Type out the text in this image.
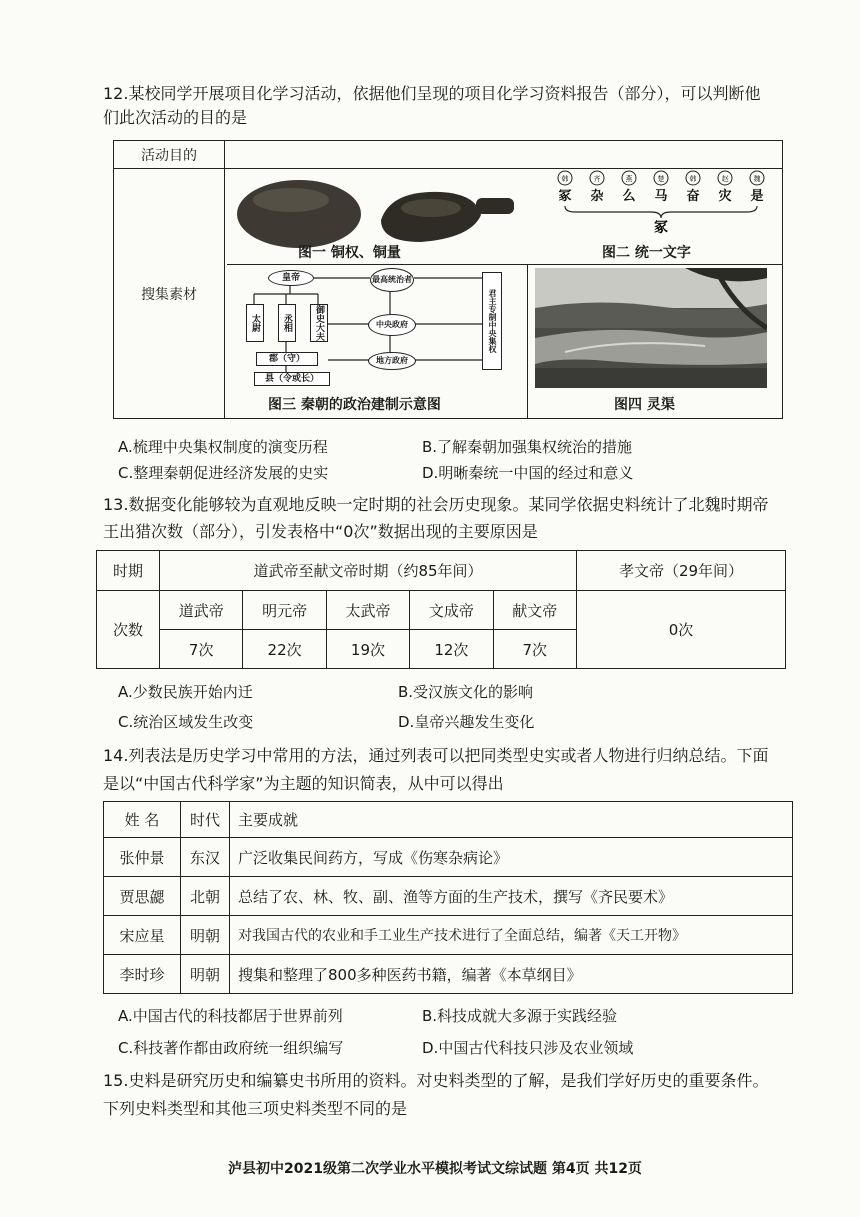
12.某校同学开展项目化学习活动，依据他们呈现的项目化学习资料报告（部分），可以判断他
们此次活动的目的是
活动目的	
搜集素材	
图一 铜权、铜量
韩	齐	燕	楚	韩	赵	魏
冢 杂 么 马 奋 灾 是
冢
图二 统一文字
皇帝
太尉	丞相	御史大夫
郡（守）
县（令或长）
最高统治者
中央政府
地方政府
君主专制中央集权
图三 秦朝的政治建制示意图	图四 灵渠
A.梳理中央集权制度的演变历程	B.了解秦朝加强集权统治的措施
C.整理秦朝促进经济发展的史实	D.明晰秦统一中国的经过和意义
13.数据变化能够较为直观地反映一定时期的社会历史现象。某同学依据史料统计了北魏时期帝
王出猎次数（部分），引发表格中“0次”数据出现的主要原因是
时期	道武帝至献文帝时期（约85年间）					孝文帝（29年间）
次数	道武帝	明元帝	太武帝	文成帝	献文帝	0次
	7次	22次	19次	12次	7次	
A.少数民族开始内迁	B.受汉族文化的影响
C.统治区域发生改变	D.皇帝兴趣发生变化
14.列表法是历史学习中常用的方法，通过列表可以把同类型史实或者人物进行归纳总结。下面
是以“中国古代科学家”为主题的知识简表，从中可以得出
姓 名	时代	主要成就
张仲景	东汉	广泛收集民间药方，写成《伤寒杂病论》
贾思勰	北朝	总结了农、林、牧、副、渔等方面的生产技术，撰写《齐民要术》
宋应星	明朝	对我国古代的农业和手工业生产技术进行了全面总结，编著《天工开物》
李时珍	明朝	搜集和整理了800多种医药书籍，编著《本草纲目》
A.中国古代的科技都居于世界前列	B.科技成就大多源于实践经验
C.科技著作都由政府统一组织编写	D.中国古代科技只涉及农业领域
15.史料是研究历史和编纂史书所用的资料。对史料类型的了解，是我们学好历史的重要条件。
下列史料类型和其他三项史料类型不同的是
泸县初中2021级第二次学业水平模拟考试文综试题 第4页 共12页
